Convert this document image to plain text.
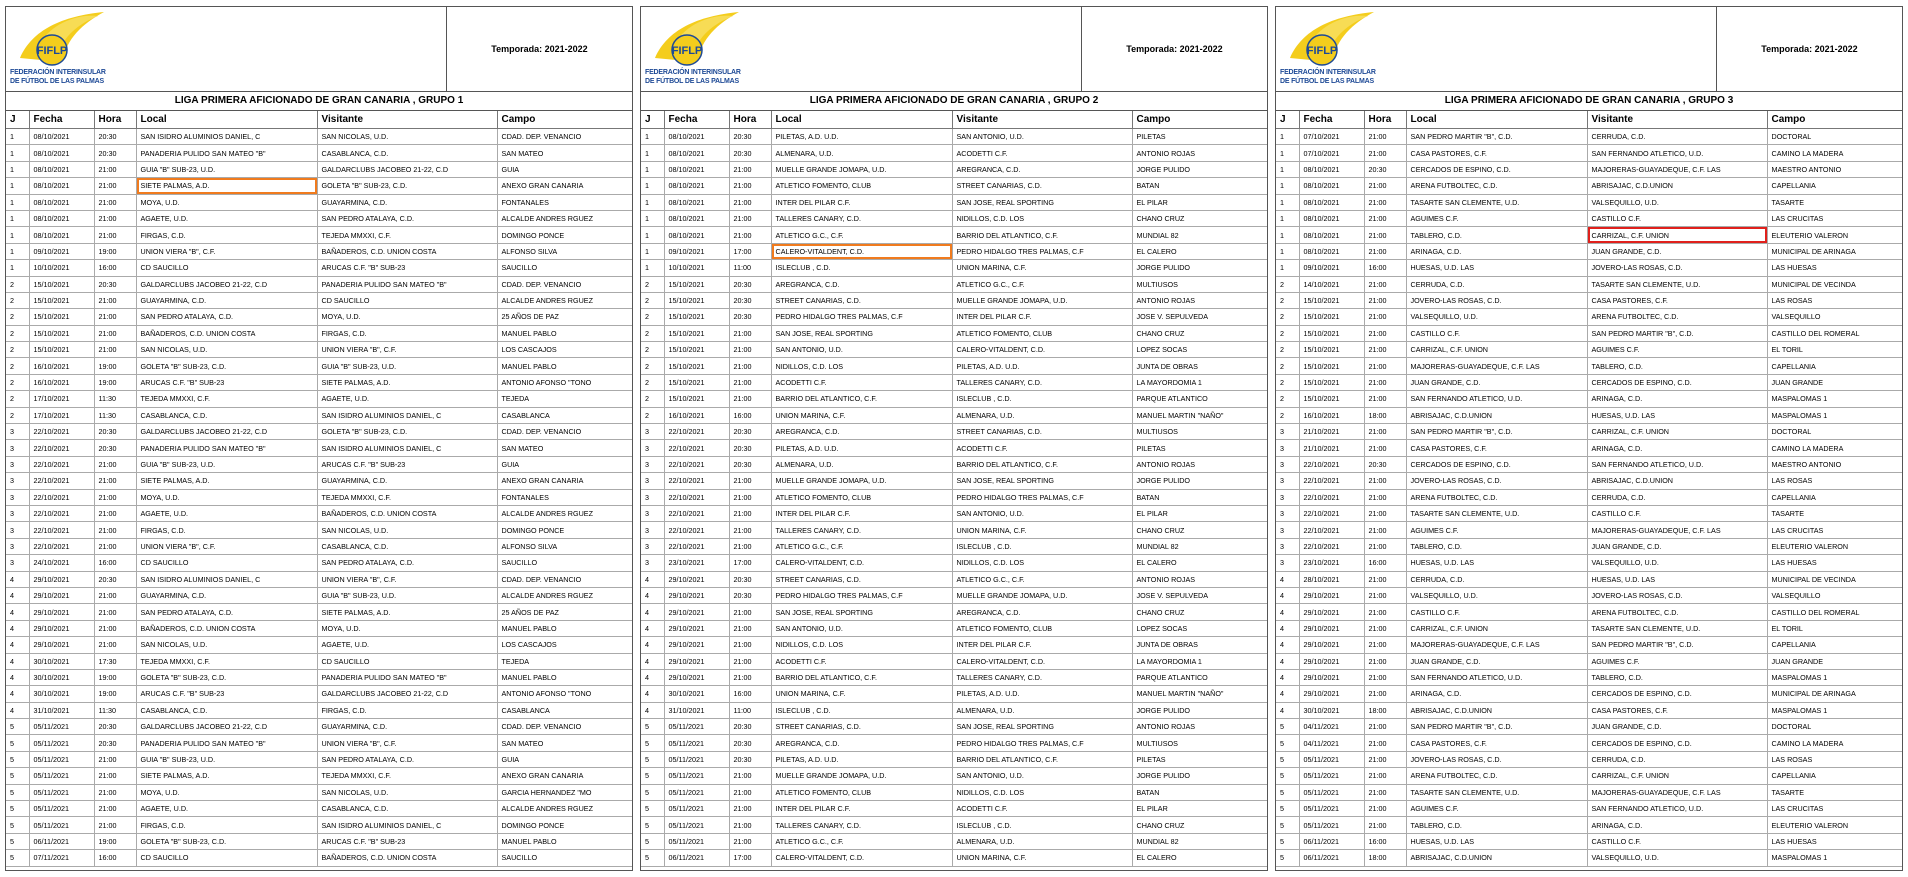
FIFLP
FEDERACIÓN INTERINSULAR
DE FÚTBOL DE LAS PALMAS
Temporada: 2021-2022
LIGA PRIMERA AFICIONADO DE GRAN CANARIA , GRUPO 1
J	Fecha	Hora	Local	Visitante	Campo
1	08/10/2021	20:30	SAN ISIDRO ALUMINIOS DANIEL, C	SAN NICOLAS, U.D.	CDAD. DEP. VENANCIO
1	08/10/2021	20:30	PANADERIA PULIDO SAN MATEO "B"	CASABLANCA, C.D.	SAN MATEO
1	08/10/2021	21:00	GUIA "B" SUB-23, U.D.	GALDARCLUBS JACOBEO 21-22, C.D	GUIA
1	08/10/2021	21:00	SIETE PALMAS, A.D.	GOLETA "B" SUB-23, C.D.	ANEXO GRAN CANARIA
1	08/10/2021	21:00	MOYA, U.D.	GUAYARMINA, C.D.	FONTANALES
1	08/10/2021	21:00	AGAETE, U.D.	SAN PEDRO ATALAYA, C.D.	ALCALDE ANDRES RGUEZ
1	08/10/2021	21:00	FIRGAS, C.D.	TEJEDA MMXXI, C.F.	DOMINGO PONCE
1	09/10/2021	19:00	UNION VIERA "B", C.F.	BAÑADEROS, C.D. UNION COSTA	ALFONSO SILVA
1	10/10/2021	16:00	CD SAUCILLO	ARUCAS C.F. "B" SUB-23	SAUCILLO
2	15/10/2021	20:30	GALDARCLUBS JACOBEO 21-22, C.D	PANADERIA PULIDO SAN MATEO "B"	CDAD. DEP. VENANCIO
2	15/10/2021	21:00	GUAYARMINA, C.D.	CD SAUCILLO	ALCALDE ANDRES RGUEZ
2	15/10/2021	21:00	SAN PEDRO ATALAYA, C.D.	MOYA, U.D.	25 AÑOS DE PAZ
2	15/10/2021	21:00	BAÑADEROS, C.D. UNION COSTA	FIRGAS, C.D.	MANUEL PABLO
2	15/10/2021	21:00	SAN NICOLAS, U.D.	UNION VIERA "B", C.F.	LOS CASCAJOS
2	16/10/2021	19:00	GOLETA "B" SUB-23, C.D.	GUIA "B" SUB-23, U.D.	MANUEL PABLO
2	16/10/2021	19:00	ARUCAS C.F. "B" SUB-23	SIETE PALMAS, A.D.	ANTONIO AFONSO "TONO
2	17/10/2021	11:30	TEJEDA MMXXI, C.F.	AGAETE, U.D.	TEJEDA
2	17/10/2021	11:30	CASABLANCA, C.D.	SAN ISIDRO ALUMINIOS DANIEL, C	CASABLANCA
3	22/10/2021	20:30	GALDARCLUBS JACOBEO 21-22, C.D	GOLETA "B" SUB-23, C.D.	CDAD. DEP. VENANCIO
3	22/10/2021	20:30	PANADERIA PULIDO SAN MATEO "B"	SAN ISIDRO ALUMINIOS DANIEL, C	SAN MATEO
3	22/10/2021	21:00	GUIA "B" SUB-23, U.D.	ARUCAS C.F. "B" SUB-23	GUIA
3	22/10/2021	21:00	SIETE PALMAS, A.D.	GUAYARMINA, C.D.	ANEXO GRAN CANARIA
3	22/10/2021	21:00	MOYA, U.D.	TEJEDA MMXXI, C.F.	FONTANALES
3	22/10/2021	21:00	AGAETE, U.D.	BAÑADEROS, C.D. UNION COSTA	ALCALDE ANDRES RGUEZ
3	22/10/2021	21:00	FIRGAS, C.D.	SAN NICOLAS, U.D.	DOMINGO PONCE
3	22/10/2021	21:00	UNION VIERA "B", C.F.	CASABLANCA, C.D.	ALFONSO SILVA
3	24/10/2021	16:00	CD SAUCILLO	SAN PEDRO ATALAYA, C.D.	SAUCILLO
4	29/10/2021	20:30	SAN ISIDRO ALUMINIOS DANIEL, C	UNION VIERA "B", C.F.	CDAD. DEP. VENANCIO
4	29/10/2021	21:00	GUAYARMINA, C.D.	GUIA "B" SUB-23, U.D.	ALCALDE ANDRES RGUEZ
4	29/10/2021	21:00	SAN PEDRO ATALAYA, C.D.	SIETE PALMAS, A.D.	25 AÑOS DE PAZ
4	29/10/2021	21:00	BAÑADEROS, C.D. UNION COSTA	MOYA, U.D.	MANUEL PABLO
4	29/10/2021	21:00	SAN NICOLAS, U.D.	AGAETE, U.D.	LOS CASCAJOS
4	30/10/2021	17:30	TEJEDA MMXXI, C.F.	CD SAUCILLO	TEJEDA
4	30/10/2021	19:00	GOLETA "B" SUB-23, C.D.	PANADERIA PULIDO SAN MATEO "B"	MANUEL PABLO
4	30/10/2021	19:00	ARUCAS C.F. "B" SUB-23	GALDARCLUBS JACOBEO 21-22, C.D	ANTONIO AFONSO "TONO
4	31/10/2021	11:30	CASABLANCA, C.D.	FIRGAS, C.D.	CASABLANCA
5	05/11/2021	20:30	GALDARCLUBS JACOBEO 21-22, C.D	GUAYARMINA, C.D.	CDAD. DEP. VENANCIO
5	05/11/2021	20:30	PANADERIA PULIDO SAN MATEO "B"	UNION VIERA "B", C.F.	SAN MATEO
5	05/11/2021	21:00	GUIA "B" SUB-23, U.D.	SAN PEDRO ATALAYA, C.D.	GUIA
5	05/11/2021	21:00	SIETE PALMAS, A.D.	TEJEDA MMXXI, C.F.	ANEXO GRAN CANARIA
5	05/11/2021	21:00	MOYA, U.D.	SAN NICOLAS, U.D.	GARCIA HERNANDEZ "MO
5	05/11/2021	21:00	AGAETE, U.D.	CASABLANCA, C.D.	ALCALDE ANDRES RGUEZ
5	05/11/2021	21:00	FIRGAS, C.D.	SAN ISIDRO ALUMINIOS DANIEL, C	DOMINGO PONCE
5	06/11/2021	19:00	GOLETA "B" SUB-23, C.D.	ARUCAS C.F. "B" SUB-23	MANUEL PABLO
5	07/11/2021	16:00	CD SAUCILLO	BAÑADEROS, C.D. UNION COSTA	SAUCILLO
FIFLP
FEDERACIÓN INTERINSULAR
DE FÚTBOL DE LAS PALMAS
Temporada: 2021-2022
LIGA PRIMERA AFICIONADO DE GRAN CANARIA , GRUPO 2
J	Fecha	Hora	Local	Visitante	Campo
1	08/10/2021	20:30	PILETAS, A.D. U.D.	SAN ANTONIO, U.D.	PILETAS
1	08/10/2021	20:30	ALMENARA, U.D.	ACODETTI C.F.	ANTONIO ROJAS
1	08/10/2021	21:00	MUELLE GRANDE JOMAPA, U.D.	AREGRANCA, C.D.	JORGE PULIDO
1	08/10/2021	21:00	ATLETICO FOMENTO, CLUB	STREET CANARIAS, C.D.	BATAN
1	08/10/2021	21:00	INTER DEL PILAR C.F.	SAN JOSE, REAL SPORTING	EL PILAR
1	08/10/2021	21:00	TALLERES CANARY, C.D.	NIDILLOS, C.D. LOS	CHANO CRUZ
1	08/10/2021	21:00	ATLETICO G.C., C.F.	BARRIO DEL ATLANTICO, C.F.	MUNDIAL 82
1	09/10/2021	17:00	CALERO-VITALDENT, C.D.	PEDRO HIDALGO TRES PALMAS, C.F	EL CALERO
1	10/10/2021	11:00	ISLECLUB , C.D.	UNION MARINA, C.F.	JORGE PULIDO
2	15/10/2021	20:30	AREGRANCA, C.D.	ATLETICO G.C., C.F.	MULTIUSOS
2	15/10/2021	20:30	STREET CANARIAS, C.D.	MUELLE GRANDE JOMAPA, U.D.	ANTONIO ROJAS
2	15/10/2021	20:30	PEDRO HIDALGO TRES PALMAS, C.F	INTER DEL PILAR C.F.	JOSE V. SEPULVEDA
2	15/10/2021	21:00	SAN JOSE, REAL SPORTING	ATLETICO FOMENTO, CLUB	CHANO CRUZ
2	15/10/2021	21:00	SAN ANTONIO, U.D.	CALERO-VITALDENT, C.D.	LOPEZ SOCAS
2	15/10/2021	21:00	NIDILLOS, C.D. LOS	PILETAS, A.D. U.D.	JUNTA DE OBRAS
2	15/10/2021	21:00	ACODETTI C.F.	TALLERES CANARY, C.D.	LA MAYORDOMIA 1
2	15/10/2021	21:00	BARRIO DEL ATLANTICO, C.F.	ISLECLUB , C.D.	PARQUE ATLANTICO
2	16/10/2021	16:00	UNION MARINA, C.F.	ALMENARA, U.D.	MANUEL MARTIN "NAÑO"
3	22/10/2021	20:30	AREGRANCA, C.D.	STREET CANARIAS, C.D.	MULTIUSOS
3	22/10/2021	20:30	PILETAS, A.D. U.D.	ACODETTI C.F.	PILETAS
3	22/10/2021	20:30	ALMENARA, U.D.	BARRIO DEL ATLANTICO, C.F.	ANTONIO ROJAS
3	22/10/2021	21:00	MUELLE GRANDE JOMAPA, U.D.	SAN JOSE, REAL SPORTING	JORGE PULIDO
3	22/10/2021	21:00	ATLETICO FOMENTO, CLUB	PEDRO HIDALGO TRES PALMAS, C.F	BATAN
3	22/10/2021	21:00	INTER DEL PILAR C.F.	SAN ANTONIO, U.D.	EL PILAR
3	22/10/2021	21:00	TALLERES CANARY, C.D.	UNION MARINA, C.F.	CHANO CRUZ
3	22/10/2021	21:00	ATLETICO G.C., C.F.	ISLECLUB , C.D.	MUNDIAL 82
3	23/10/2021	17:00	CALERO-VITALDENT, C.D.	NIDILLOS, C.D. LOS	EL CALERO
4	29/10/2021	20:30	STREET CANARIAS, C.D.	ATLETICO G.C., C.F.	ANTONIO ROJAS
4	29/10/2021	20:30	PEDRO HIDALGO TRES PALMAS, C.F	MUELLE GRANDE JOMAPA, U.D.	JOSE V. SEPULVEDA
4	29/10/2021	21:00	SAN JOSE, REAL SPORTING	AREGRANCA, C.D.	CHANO CRUZ
4	29/10/2021	21:00	SAN ANTONIO, U.D.	ATLETICO FOMENTO, CLUB	LOPEZ SOCAS
4	29/10/2021	21:00	NIDILLOS, C.D. LOS	INTER DEL PILAR C.F.	JUNTA DE OBRAS
4	29/10/2021	21:00	ACODETTI C.F.	CALERO-VITALDENT, C.D.	LA MAYORDOMIA 1
4	29/10/2021	21:00	BARRIO DEL ATLANTICO, C.F.	TALLERES CANARY, C.D.	PARQUE ATLANTICO
4	30/10/2021	16:00	UNION MARINA, C.F.	PILETAS, A.D. U.D.	MANUEL MARTIN "NAÑO"
4	31/10/2021	11:00	ISLECLUB , C.D.	ALMENARA, U.D.	JORGE PULIDO
5	05/11/2021	20:30	STREET CANARIAS, C.D.	SAN JOSE, REAL SPORTING	ANTONIO ROJAS
5	05/11/2021	20:30	AREGRANCA, C.D.	PEDRO HIDALGO TRES PALMAS, C.F	MULTIUSOS
5	05/11/2021	20:30	PILETAS, A.D. U.D.	BARRIO DEL ATLANTICO, C.F.	PILETAS
5	05/11/2021	21:00	MUELLE GRANDE JOMAPA, U.D.	SAN ANTONIO, U.D.	JORGE PULIDO
5	05/11/2021	21:00	ATLETICO FOMENTO, CLUB	NIDILLOS, C.D. LOS	BATAN
5	05/11/2021	21:00	INTER DEL PILAR C.F.	ACODETTI C.F.	EL PILAR
5	05/11/2021	21:00	TALLERES CANARY, C.D.	ISLECLUB , C.D.	CHANO CRUZ
5	05/11/2021	21:00	ATLETICO G.C., C.F.	ALMENARA, U.D.	MUNDIAL 82
5	06/11/2021	17:00	CALERO-VITALDENT, C.D.	UNION MARINA, C.F.	EL CALERO
FIFLP
FEDERACIÓN INTERINSULAR
DE FÚTBOL DE LAS PALMAS
Temporada: 2021-2022
LIGA PRIMERA AFICIONADO DE GRAN CANARIA , GRUPO 3
J	Fecha	Hora	Local	Visitante	Campo
1	07/10/2021	21:00	SAN PEDRO MARTIR "B", C.D.	CERRUDA, C.D.	DOCTORAL
1	07/10/2021	21:00	CASA PASTORES, C.F.	SAN FERNANDO ATLETICO, U.D.	CAMINO LA MADERA
1	08/10/2021	20:30	CERCADOS DE ESPINO, C.D.	MAJORERAS-GUAYADEQUE, C.F. LAS	MAESTRO ANTONIO
1	08/10/2021	21:00	ARENA FUTBOLTEC, C.D.	ABRISAJAC, C.D.UNION	CAPELLANIA
1	08/10/2021	21:00	TASARTE SAN CLEMENTE, U.D.	VALSEQUILLO, U.D.	TASARTE
1	08/10/2021	21:00	AGUIMES C.F.	CASTILLO C.F.	LAS CRUCITAS
1	08/10/2021	21:00	TABLERO, C.D.	CARRIZAL, C.F. UNION	ELEUTERIO VALERON
1	08/10/2021	21:00	ARINAGA, C.D.	JUAN GRANDE, C.D.	MUNICIPAL DE ARINAGA
1	09/10/2021	16:00	HUESAS, U.D. LAS	JOVERO-LAS ROSAS, C.D.	LAS HUESAS
2	14/10/2021	21:00	CERRUDA, C.D.	TASARTE SAN CLEMENTE, U.D.	MUNICIPAL DE VECINDA
2	15/10/2021	21:00	JOVERO-LAS ROSAS, C.D.	CASA PASTORES, C.F.	LAS ROSAS
2	15/10/2021	21:00	VALSEQUILLO, U.D.	ARENA FUTBOLTEC, C.D.	VALSEQUILLO
2	15/10/2021	21:00	CASTILLO C.F.	SAN PEDRO MARTIR "B", C.D.	CASTILLO DEL ROMERAL
2	15/10/2021	21:00	CARRIZAL, C.F. UNION	AGUIMES C.F.	EL TORIL
2	15/10/2021	21:00	MAJORERAS-GUAYADEQUE, C.F. LAS	TABLERO, C.D.	CAPELLANIA
2	15/10/2021	21:00	JUAN GRANDE, C.D.	CERCADOS DE ESPINO, C.D.	JUAN GRANDE
2	15/10/2021	21:00	SAN FERNANDO ATLETICO, U.D.	ARINAGA, C.D.	MASPALOMAS 1
2	16/10/2021	18:00	ABRISAJAC, C.D.UNION	HUESAS, U.D. LAS	MASPALOMAS 1
3	21/10/2021	21:00	SAN PEDRO MARTIR "B", C.D.	CARRIZAL, C.F. UNION	DOCTORAL
3	21/10/2021	21:00	CASA PASTORES, C.F.	ARINAGA, C.D.	CAMINO LA MADERA
3	22/10/2021	20:30	CERCADOS DE ESPINO, C.D.	SAN FERNANDO ATLETICO, U.D.	MAESTRO ANTONIO
3	22/10/2021	21:00	JOVERO-LAS ROSAS, C.D.	ABRISAJAC, C.D.UNION	LAS ROSAS
3	22/10/2021	21:00	ARENA FUTBOLTEC, C.D.	CERRUDA, C.D.	CAPELLANIA
3	22/10/2021	21:00	TASARTE SAN CLEMENTE, U.D.	CASTILLO C.F.	TASARTE
3	22/10/2021	21:00	AGUIMES C.F.	MAJORERAS-GUAYADEQUE, C.F. LAS	LAS CRUCITAS
3	22/10/2021	21:00	TABLERO, C.D.	JUAN GRANDE, C.D.	ELEUTERIO VALERON
3	23/10/2021	16:00	HUESAS, U.D. LAS	VALSEQUILLO, U.D.	LAS HUESAS
4	28/10/2021	21:00	CERRUDA, C.D.	HUESAS, U.D. LAS	MUNICIPAL DE VECINDA
4	29/10/2021	21:00	VALSEQUILLO, U.D.	JOVERO-LAS ROSAS, C.D.	VALSEQUILLO
4	29/10/2021	21:00	CASTILLO C.F.	ARENA FUTBOLTEC, C.D.	CASTILLO DEL ROMERAL
4	29/10/2021	21:00	CARRIZAL, C.F. UNION	TASARTE SAN CLEMENTE, U.D.	EL TORIL
4	29/10/2021	21:00	MAJORERAS-GUAYADEQUE, C.F. LAS	SAN PEDRO MARTIR "B", C.D.	CAPELLANIA
4	29/10/2021	21:00	JUAN GRANDE, C.D.	AGUIMES C.F.	JUAN GRANDE
4	29/10/2021	21:00	SAN FERNANDO ATLETICO, U.D.	TABLERO, C.D.	MASPALOMAS 1
4	29/10/2021	21:00	ARINAGA, C.D.	CERCADOS DE ESPINO, C.D.	MUNICIPAL DE ARINAGA
4	30/10/2021	18:00	ABRISAJAC, C.D.UNION	CASA PASTORES, C.F.	MASPALOMAS 1
5	04/11/2021	21:00	SAN PEDRO MARTIR "B", C.D.	JUAN GRANDE, C.D.	DOCTORAL
5	04/11/2021	21:00	CASA PASTORES, C.F.	CERCADOS DE ESPINO, C.D.	CAMINO LA MADERA
5	05/11/2021	21:00	JOVERO-LAS ROSAS, C.D.	CERRUDA, C.D.	LAS ROSAS
5	05/11/2021	21:00	ARENA FUTBOLTEC, C.D.	CARRIZAL, C.F. UNION	CAPELLANIA
5	05/11/2021	21:00	TASARTE SAN CLEMENTE, U.D.	MAJORERAS-GUAYADEQUE, C.F. LAS	TASARTE
5	05/11/2021	21:00	AGUIMES C.F.	SAN FERNANDO ATLETICO, U.D.	LAS CRUCITAS
5	05/11/2021	21:00	TABLERO, C.D.	ARINAGA, C.D.	ELEUTERIO VALERON
5	06/11/2021	16:00	HUESAS, U.D. LAS	CASTILLO C.F.	LAS HUESAS
5	06/11/2021	18:00	ABRISAJAC, C.D.UNION	VALSEQUILLO, U.D.	MASPALOMAS 1
